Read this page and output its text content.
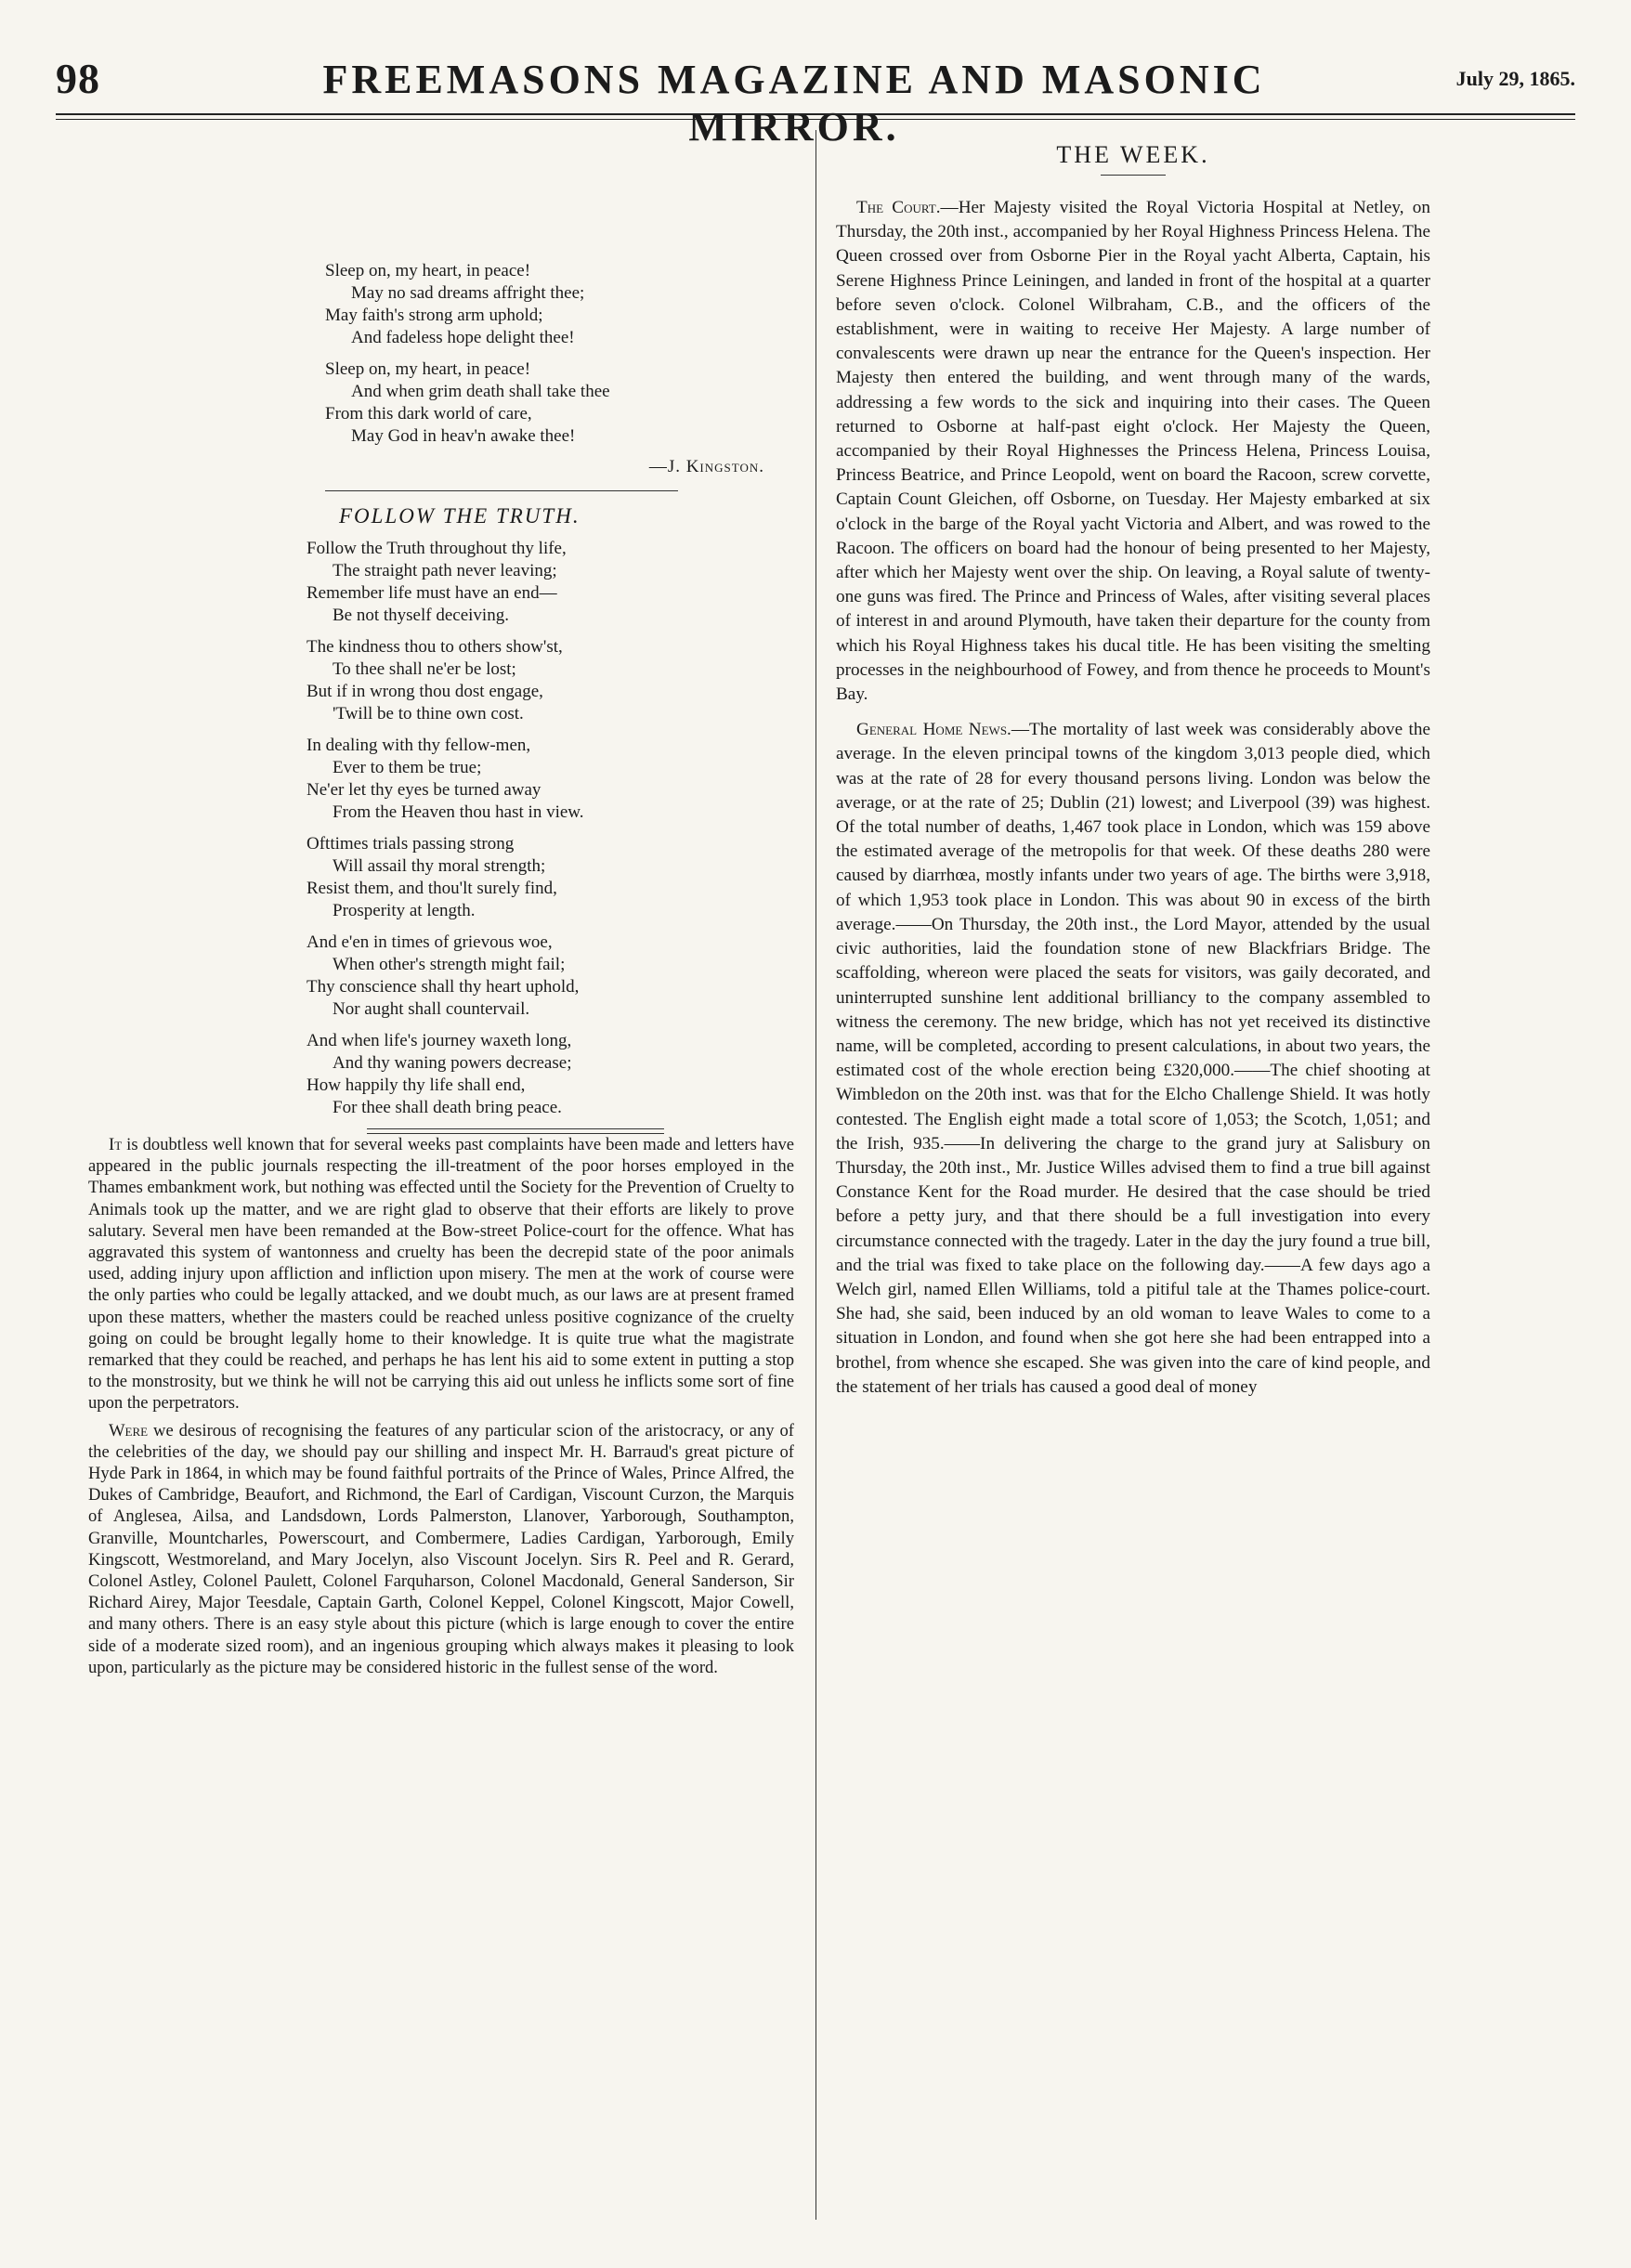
98	FREEMASONS MAGAZINE AND MASONIC MIRROR.
July 29, 1865.
Sleep on, my heart, in peace!
May no sad dreams affright thee;
May faith's strong arm uphold;
And fadeless hope delight thee!
Sleep on, my heart, in peace!
And when grim death shall take thee
From this dark world of care,
May God in heav'n awake thee!
—J. Kingston.
FOLLOW THE TRUTH.
Follow the Truth throughout thy life,
The straight path never leaving;
Remember life must have an end—
Be not thyself deceiving.
The kindness thou to others show'st,
To thee shall ne'er be lost;
But if in wrong thou dost engage,
'Twill be to thine own cost.
In dealing with thy fellow-men,
Ever to them be true;
Ne'er let thy eyes be turned away
From the Heaven thou hast in view.
Ofttimes trials passing strong
Will assail thy moral strength;
Resist them, and thou'lt surely find,
Prosperity at length.
And e'en in times of grievous woe,
When other's strength might fail;
Thy conscience shall thy heart uphold,
Nor aught shall countervail.
And when life's journey waxeth long,
And thy waning powers decrease;
How happily thy life shall end,
For thee shall death bring peace.

It is doubtless well known that for several weeks past complaints have been made and letters have appeared in the public journals respecting the ill-treatment of the poor horses employed in the Thames embankment work, but nothing was effected until the Society for the Prevention of Cruelty to Animals took up the matter, and we are right glad to observe that their efforts are likely to prove salutary. Several men have been remanded at the Bow-street Police-court for the offence. What has aggravated this system of wantonness and cruelty has been the decrepid state of the poor animals used, adding injury upon affliction and infliction upon misery. The men at the work of course were the only parties who could be legally attacked, and we doubt much, as our laws are at present framed upon these matters, whether the masters could be reached unless positive cognizance of the cruelty going on could be brought legally home to their knowledge. It is quite true what the magistrate remarked that they could be reached, and perhaps he has lent his aid to some extent in putting a stop to the monstrosity, but we think he will not be carrying this aid out unless he inflicts some sort of fine upon the perpetrators.

Were we desirous of recognising the features of any particular scion of the aristocracy, or any of the celebrities of the day, we should pay our shilling and inspect Mr. H. Barraud's great picture of Hyde Park in 1864, in which may be found faithful portraits of the Prince of Wales, Prince Alfred, the Dukes of Cambridge, Beaufort, and Richmond, the Earl of Cardigan, Viscount Curzon, the Marquis of Anglesea, Ailsa, and Landsdown, Lords Palmerston, Llanover, Yarborough, Southampton, Granville, Mountcharles, Powerscourt, and Combermere, Ladies Cardigan, Yarborough, Emily Kingscott, Westmoreland, and Mary Jocelyn, also Viscount Jocelyn. Sirs R. Peel and R. Gerard, Colonel Astley, Colonel Paulett, Colonel Farquharson, Colonel Macdonald, General Sanderson, Sir Richard Airey, Major Teesdale, Captain Garth, Colonel Keppel, Colonel Kingscott, Major Cowell, and many others. There is an easy style about this picture (which is large enough to cover the entire side of a moderate sized room), and an ingenious grouping which always makes it pleasing to look upon, particularly as the picture may be considered historic in the fullest sense of the word.

THE WEEK.

The Court.—Her Majesty visited the Royal Victoria Hospital at Netley, on Thursday, the 20th inst., accompanied by her Royal Highness Princess Helena. The Queen crossed over from Osborne Pier in the Royal yacht Alberta, Captain, his Serene Highness Prince Leiningen, and landed in front of the hospital at a quarter before seven o'clock. Colonel Wilbraham, C.B., and the officers of the establishment, were in waiting to receive Her Majesty. A large number of convalescents were drawn up near the entrance for the Queen's inspection. Her Majesty then entered the building, and went through many of the wards, addressing a few words to the sick and inquiring into their cases. The Queen returned to Osborne at half-past eight o'clock. Her Majesty the Queen, accompanied by their Royal Highnesses the Princess Helena, Princess Louisa, Princess Beatrice, and Prince Leopold, went on board the Racoon, screw corvette, Captain Count Gleichen, off Osborne, on Tuesday. Her Majesty embarked at six o'clock in the barge of the Royal yacht Victoria and Albert, and was rowed to the Racoon. The officers on board had the honour of being presented to her Majesty, after which her Majesty went over the ship. On leaving, a Royal salute of twenty-one guns was fired. The Prince and Princess of Wales, after visiting several places of interest in and around Plymouth, have taken their departure for the county from which his Royal Highness takes his ducal title. He has been visiting the smelting processes in the neighbourhood of Fowey, and from thence he proceeds to Mount's Bay.

General Home News.—The mortality of last week was considerably above the average. In the eleven principal towns of the kingdom 3,013 people died, which was at the rate of 28 for every thousand persons living. London was below the average, or at the rate of 25; Dublin (21) lowest; and Liverpool (39) was highest. Of the total number of deaths, 1,467 took place in London, which was 159 above the estimated average of the metropolis for that week. Of these deaths 280 were caused by diarrhœa, mostly infants under two years of age. The births were 3,918, of which 1,953 took place in London. This was about 90 in excess of the birth average.——On Thursday, the 20th inst., the Lord Mayor, attended by the usual civic authorities, laid the foundation stone of new Blackfriars Bridge. The scaffolding, whereon were placed the seats for visitors, was gaily decorated, and uninterrupted sunshine lent additional brilliancy to the company assembled to witness the ceremony. The new bridge, which has not yet received its distinctive name, will be completed, according to present calculations, in about two years, the estimated cost of the whole erection being £320,000.——The chief shooting at Wimbledon on the 20th inst. was that for the Elcho Challenge Shield. It was hotly contested. The English eight made a total score of 1,053; the Scotch, 1,051; and the Irish, 935.——In delivering the charge to the grand jury at Salisbury on Thursday, the 20th inst., Mr. Justice Willes advised them to find a true bill against Constance Kent for the Road murder. He desired that the case should be tried before a petty jury, and that there should be a full investigation into every circumstance connected with the tragedy. Later in the day the jury found a true bill, and the trial was fixed to take place on the following day.——A few days ago a Welch girl, named Ellen Williams, told a pitiful tale at the Thames police-court. She had, she said, been induced by an old woman to leave Wales to come to a situation in London, and found when she got here she had been entrapped into a brothel, from whence she escaped. She was given into the care of kind people, and the statement of her trials has caused a good deal of money
